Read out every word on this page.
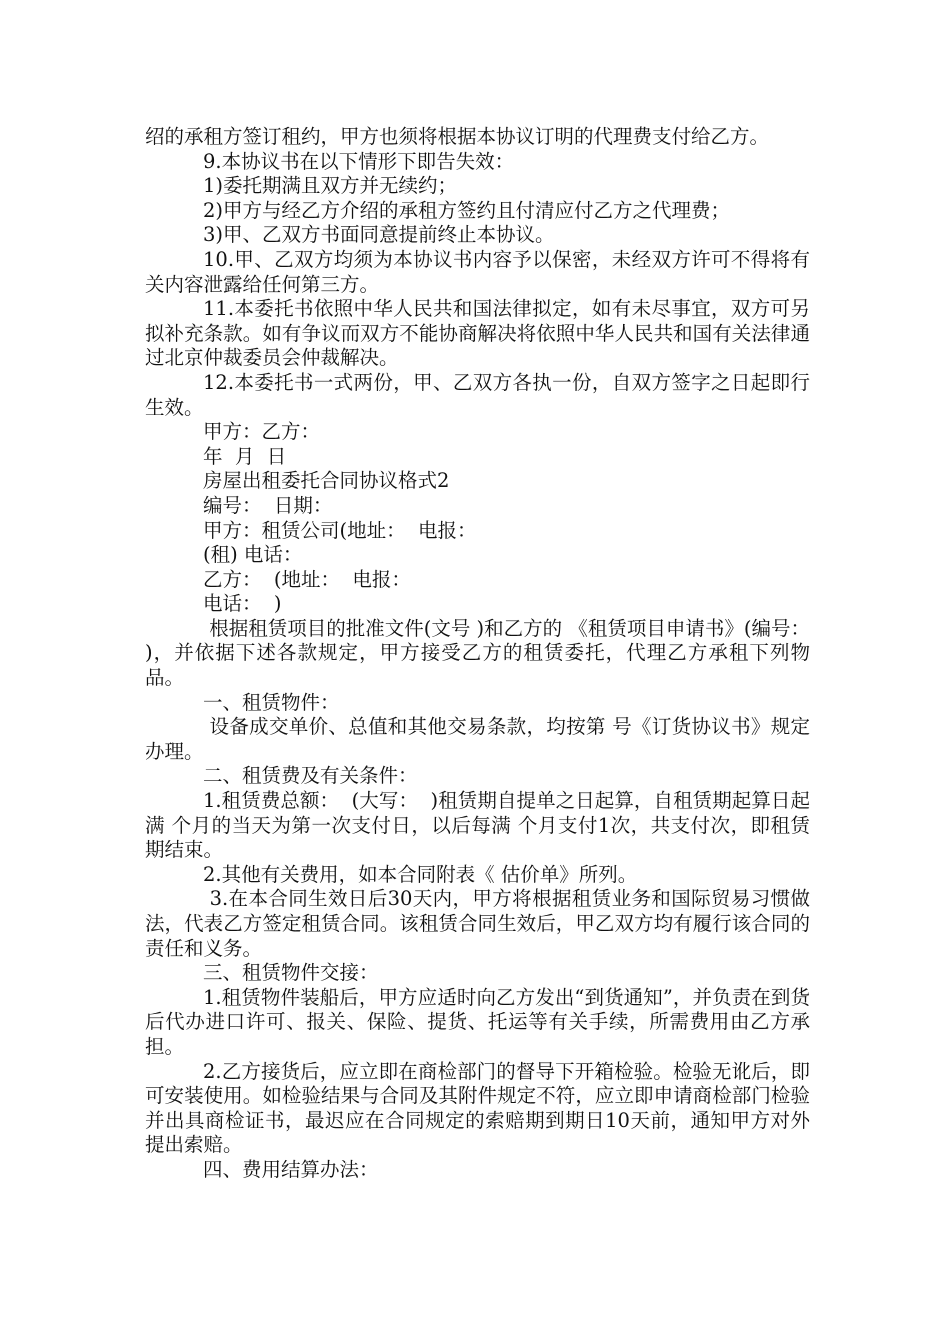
绍的承租方签订租约，甲方也须将根据本协议订明的代理费支付给乙方。

9.本协议书在以下情形下即告失效：

1)委托期满且双方并无续约；

2)甲方与经乙方介绍的承租方签约且付清应付乙方之代理费；

3)甲、乙双方书面同意提前终止本协议。

10.甲、乙双方均须为本协议书内容予以保密，未经双方许可不得将有关内容泄露给任何第三方。

11.本委托书依照中华人民共和国法律拟定，如有未尽事宜，双方可另拟补充条款。如有争议而双方不能协商解决将依照中华人民共和国有关法律通过北京仲裁委员会仲裁解决。

12.本委托书一式两份，甲、乙双方各执一份，自双方签字之日起即行生效。

甲方：乙方：

年  月  日

房屋出租委托合同协议格式2

编号：  日期：

甲方：租赁公司(地址：  电报：

(租) 电话：

乙方：  (地址：  电报：

电话：  )

根据租赁项目的批准文件(文号 )和乙方的 《租赁项目申请书》(编号：  )，并依据下述各款规定，甲方接受乙方的租赁委托，代理乙方承租下列物品。

一、租赁物件：

设备成交单价、总值和其他交易条款，均按第 号《订货协议书》规定办理。

二、租赁费及有关条件：

1.租赁费总额：  (大写：  )租赁期自提单之日起算，自租赁期起算日起满 个月的当天为第一次支付日，以后每满 个月支付1次，共支付次，即租赁期结束。

2.其他有关费用，如本合同附表《 估价单》所列。

3.在本合同生效日后30天内，甲方将根据租赁业务和国际贸易习惯做法，代表乙方签定租赁合同。该租赁合同生效后，甲乙双方均有履行该合同的责任和义务。

三、租赁物件交接：

1.租赁物件装船后，甲方应适时向乙方发出“到货通知”，并负责在到货后代办进口许可、报关、保险、提货、托运等有关手续，所需费用由乙方承担。

2.乙方接货后，应立即在商检部门的督导下开箱检验。检验无讹后，即可安装使用。如检验结果与合同及其附件规定不符，应立即申请商检部门检验并出具商检证书，最迟应在合同规定的索赔期到期日10天前，通知甲方对外提出索赔。

四、费用结算办法：
